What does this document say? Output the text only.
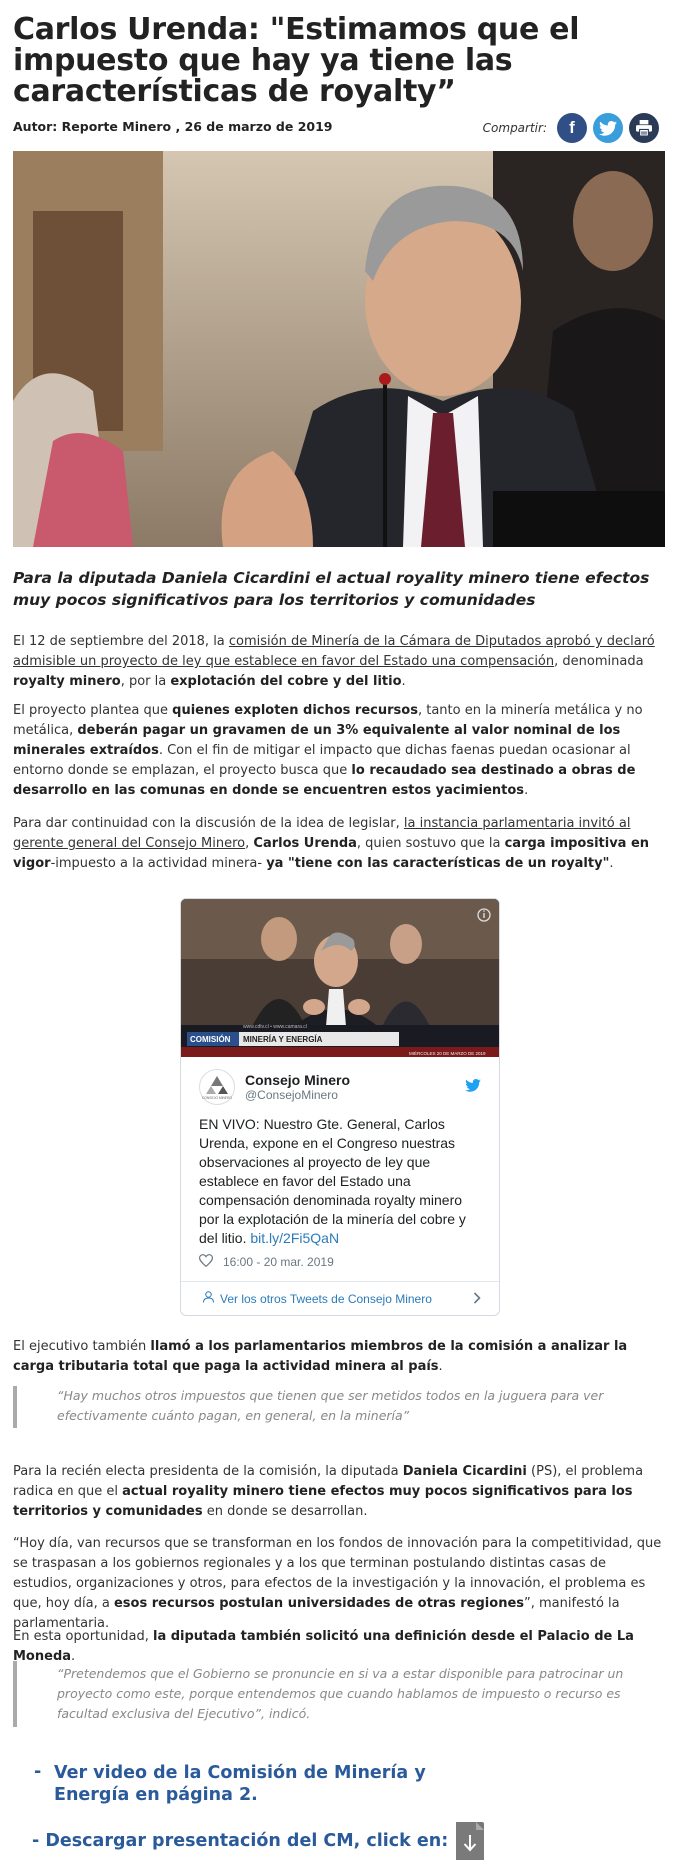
Carlos Urenda: "Estimamos que el impuesto que hay ya tiene las características de royalty”
Autor: Reporte Minero , 26 de marzo de 2019	Compartir: f

Para la diputada Daniela Cicardini el actual royality minero tiene efectos muy pocos significativos para los territorios y comunidades

El 12 de septiembre del 2018, la comisión de Minería de la Cámara de Diputados aprobó y declaró admisible un proyecto de ley que establece en favor del Estado una compensación, denominada royalty minero, por la explotación del cobre y del litio.

El proyecto plantea que quienes exploten dichos recursos, tanto en la minería metálica y no metálica, deberán pagar un gravamen de un 3% equivalente al valor nominal de los minerales extraídos. Con el fin de mitigar el impacto que dichas faenas puedan ocasionar al entorno donde se emplazan, el proyecto busca que lo recaudado sea destinado a obras de desarrollo en las comunas en donde se encuentren estos yacimientos.

Para dar continuidad con la discusión de la idea de legislar, la instancia parlamentaria invitó al gerente general del Consejo Minero, Carlos Urenda, quien sostuvo que la carga impositiva en vigor-impuesto a la actividad minera- ya "tiene con las características de un royalty".

www.cdtv.cl • www.camara.cl
COMISIÓN MINERÍA Y ENERGÍA
MIÉRCOLES 20 DE MARZO DE 2019
CONSEJO MINERO
Consejo Minero
@ConsejoMinero

EN VIVO: Nuestro Gte. General, Carlos Urenda, expone en el Congreso nuestras observaciones al proyecto de ley que establece en favor del Estado una compensación denominada royalty minero por la explotación de la minería del cobre y del litio. bit.ly/2Fi5QaN

16:00 - 20 mar. 2019
Ver los otros Tweets de Consejo Minero

El ejecutivo también llamó a los parlamentarios miembros de la comisión a analizar la carga tributaria total que paga la actividad minera al país.

“Hay muchos otros impuestos que tienen que ser metidos todos en la juguera para ver efectivamente cuánto pagan, en general, en la minería”

Para la recién electa presidenta de la comisión, la diputada Daniela Cicardini (PS), el problema radica en que el actual royality minero tiene efectos muy pocos significativos para los territorios y comunidades en donde se desarrollan.

“Hoy día, van recursos que se transforman en los fondos de innovación para la competitividad, que se traspasan a los gobiernos regionales y a los que terminan postulando distintas casas de estudios, organizaciones y otros, para efectos de la investigación y la innovación, el problema es que, hoy día, a esos recursos postulan universidades de otras regiones”, manifestó la parlamentaria.

En esta oportunidad, la diputada también solicitó una definición desde el Palacio de La Moneda.

“Pretendemos que el Gobierno se pronuncie en si va a estar disponible para patrocinar un proyecto como este, porque entendemos que cuando hablamos de impuesto o recurso es facultad exclusiva del Ejecutivo”, indicó.
- Ver video de la Comisión de Minería y Energía en página 2.
- Descargar presentación del CM, click en:
